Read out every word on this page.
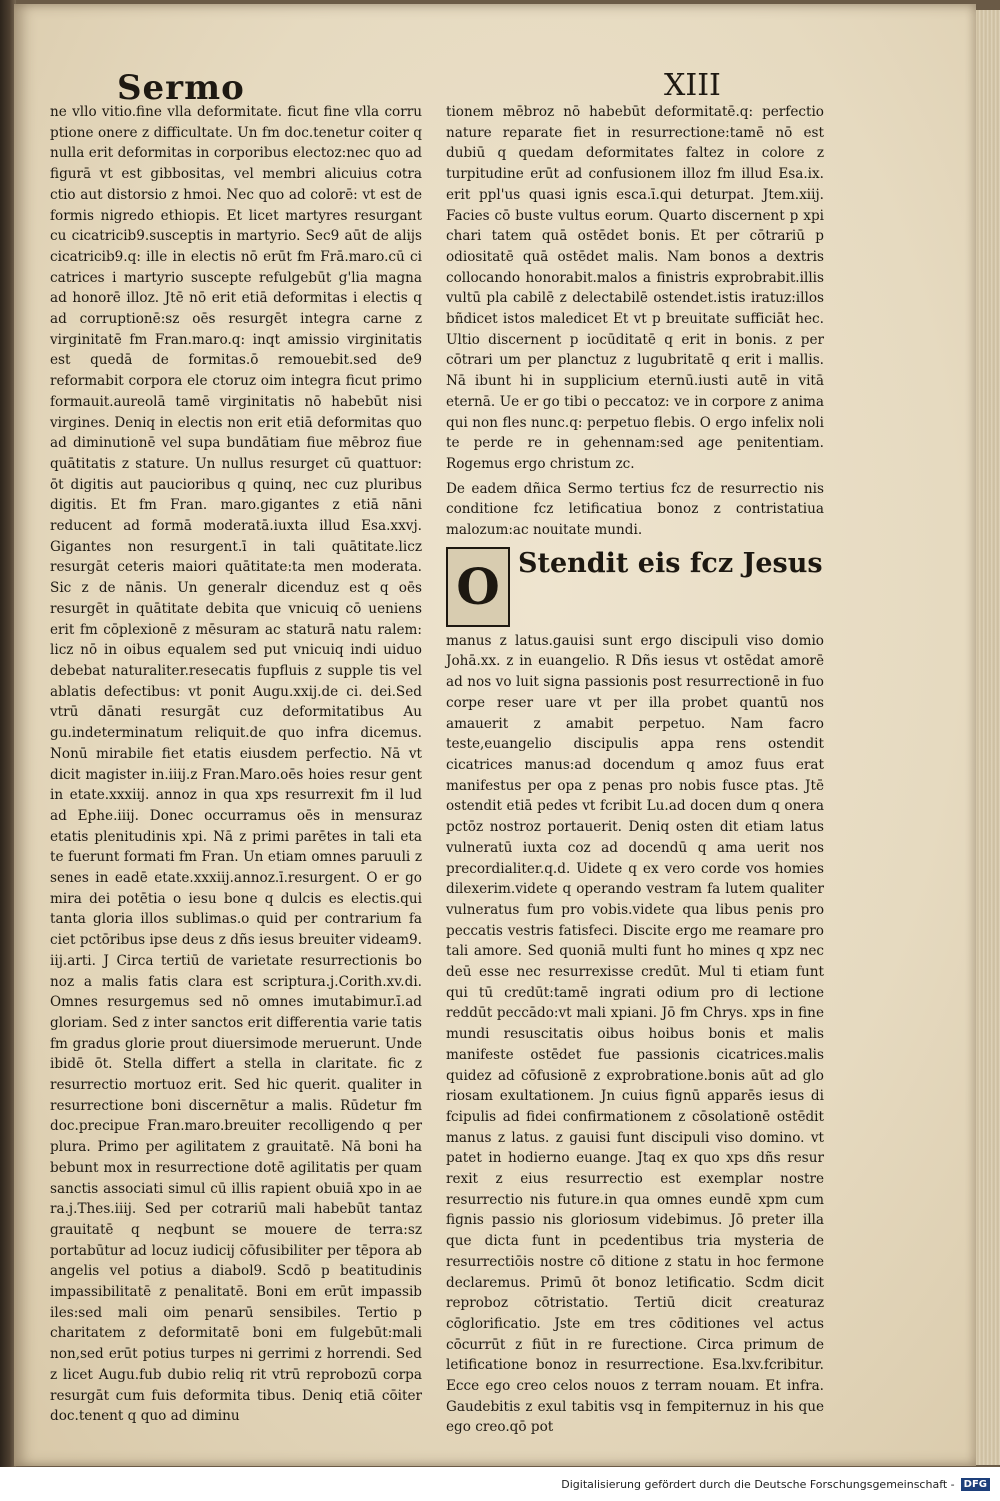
Sermo	XIII

ne vllo vitio.fine vlla deformitate. ficut fine vlla corru ptione onere z difficultate. Un fm doc.tenetur coiter q nulla erit deformitas in corporibus electoz:nec quo ad figurā vt est gibbositas, vel membri alicuius cotra ctio aut distorsio z hmoi. Nec quo ad colorē: vt est de formis nigredo ethiopis. Et licet martyres resurgant cu cicatricib9.susceptis in martyrio. Sec9 aūt de alijs cicatricib9.q: ille in electis nō erūt fm Frā.maro.cū ci catrices i martyrio suscepte refulgebūt g'lia magna ad honorē illoz. Jtē nō erit etiā deformitas i electis q ad corruptionē:sz oēs resurgēt integra carne z virginitatē fm Fran.maro.q: inqt amissio virginitatis est quedā de formitas.ō remouebit.sed de9 reformabit corpora ele ctoruz oim integra ficut primo formauit.aureolā tamē virginitatis nō habebūt nisi virgines. Deniq in electis non erit etiā deformitas quo ad diminutionē vel supa bundātiam fiue mēbroz fiue quātitatis z stature. Un nullus resurget cū quattuor: ōt digitis aut paucioribus q quinq, nec cuz pluribus digitis. Et fm Fran. maro.gigantes z etiā nāni reducent ad formā moderatā.iuxta illud Esa.xxvj. Gigantes non resurgent.ī in tali quātitate.licz resurgāt ceteris maiori quātitate:ta men moderata. Sic z de nānis. Un generalr dicenduz est q oēs resurgēt in quātitate debita que vnicuiq cō ueniens erit fm cōplexionē z mēsuram ac staturā natu ralem: licz nō in oibus equalem sed put vnicuiq indi uiduo debebat naturaliter.resecatis fupfluis z supple tis vel ablatis defectibus: vt ponit Augu.xxij.de ci. dei.Sed vtrū dānati resurgāt cuz deformitatibus Au gu.indeterminatum reliquit.de quo infra dicemus. Nonū mirabile fiet etatis eiusdem perfectio. Nā vt dicit magister in.iiij.z Fran.Maro.oēs hoies resur gent in etate.xxxiij. annoz in qua xps resurrexit fm il lud ad Ephe.iiij. Donec occurramus oēs in mensuraz etatis plenitudinis xpi. Nā z primi parētes in tali eta te fuerunt formati fm Fran. Un etiam omnes paruuli z senes in eadē etate.xxxiij.annoz.ī.resurgent. O er go mira dei potētia o iesu bone q dulcis es electis.qui tanta gloria illos sublimas.o quid per contrarium fa ciet pctōribus ipse deus z dñs iesus breuiter videam9. iij.arti. J Circa tertiū de varietate resurrectionis bo noz a malis fatis clara est scriptura.j.Corith.xv.di. Omnes resurgemus sed nō omnes imutabimur.ī.ad gloriam. Sed z inter sanctos erit differentia varie tatis fm gradus glorie prout diuersimode meruerunt. Unde ibidē ōt. Stella differt a stella in claritate. fic z resurrectio mortuoz erit. Sed hic querit. qualiter in resurrectione boni discernētur a malis. Rūdetur fm doc.precipue Fran.maro.breuiter recolligendo q per plura. Primo per agilitatem z grauitatē. Nā boni ha bebunt mox in resurrectione dotē agilitatis per quam sanctis associati simul cū illis rapient obuiā xpo in ae ra.j.Thes.iiij. Sed per cotrariū mali habebūt tantaz grauitatē q neqbunt se mouere de terra:sz portabūtur ad locuz iudicij cōfusibiliter per tēpora ab angelis vel potius a diabol9. Scdō p beatitudinis impassibilitatē z penalitatē. Boni em erūt impassib iles:sed mali oim penarū sensibiles. Tertio p charitatem z deformitatē boni em fulgebūt:mali non,sed erūt potius turpes ni gerrimi z horrendi. Sed z licet Augu.fub dubio reliq rit vtrū reprobozū corpa resurgāt cum fuis deformita tibus. Deniq etiā cōiter doc.tenent q quo ad diminu

tionem mēbroz nō habebūt deformitatē.q: perfectio nature reparate fiet in resurrectione:tamē nō est dubiū q quedam deformitates faltez in colore z turpitudine erūt ad confusionem illoz fm illud Esa.ix. erit ppl'us quasi ignis esca.ī.qui deturpat. Jtem.xiij. Facies cō buste vultus eorum. Quarto discernent p xpi chari tatem quā ostēdet bonis. Et per cōtrariū p odiositatē quā ostēdet malis. Nam bonos a dextris collocando honorabit.malos a finistris exprobrabit.illis vultū pla cabilē z delectabilē ostendet.istis iratuz:illos bñdicet istos maledicet Et vt p breuitate sufficiāt hec. Ultio discernent p iocūditatē q erit in bonis. z per cōtrari um per planctuz z lugubritatē q erit i mallis. Nā ibunt hi in supplicium eternū.iusti autē in vitā eternā. Ue er go tibi o peccatoz: ve in corpore z anima qui non fles nunc.q: perpetuo flebis. O ergo infelix noli te perde re in gehennam:sed age penitentiam. Rogemus ergo christum zc.

De eadem dñica Sermo tertius fcz de resurrectio nis conditione fcz letificatiua bonoz z contristatiua malozum:ac nouitate mundi.

O Stendit eis fcz Jesus

manus z latus.gauisi sunt ergo discipuli viso domio Johā.xx. z in euangelio. R Dñs iesus vt ostēdat amorē ad nos vo luit signa passionis post resurrectionē in fuo corpe reser uare vt per illa probet quantū nos amauerit z amabit perpetuo. Nam facro teste,euangelio discipulis appa rens ostendit cicatrices manus:ad docendum q amoz fuus erat manifestus per opa z penas pro nobis fusce ptas. Jtē ostendit etiā pedes vt fcribit Lu.ad docen dum q onera pctōz nostroz portauerit. Deniq osten dit etiam latus vulneratū iuxta coz ad docendū q ama uerit nos precordialiter.q.d. Uidete q ex vero corde vos homies dilexerim.videte q operando vestram fa lutem qualiter vulneratus fum pro vobis.videte qua libus penis pro peccatis vestris fatisfeci. Discite ergo me reamare pro tali amore. Sed quoniā multi funt ho mines q xpz nec deū esse nec resurrexisse credūt. Mul ti etiam funt qui tū credūt:tamē ingrati odium pro di lectione reddūt peccādo:vt mali xpiani. Jō fm Chrys. xps in fine mundi resuscitatis oibus hoibus bonis et malis manifeste ostēdet fue passionis cicatrices.malis quidez ad cōfusionē z exprobratione.bonis aūt ad glo riosam exultationem. Jn cuius fignū apparēs iesus di fcipulis ad fidei confirmationem z cōsolationē ostēdit manus z latus. z gauisi funt discipuli viso domino. vt patet in hodierno euange. Jtaq ex quo xps dñs resur rexit z eius resurrectio est exemplar nostre resurrectio nis future.in qua omnes eundē xpm cum fignis passio nis gloriosum videbimus. Jō preter illa que dicta funt in pcedentibus tria mysteria de resurrectiōis nostre cō ditione z statu in hoc fermone declaremus. Primū ōt bonoz letificatio. Scdm dicit reproboz cōtristatio. Tertiū dicit creaturaz cōglorificatio. Jste em tres cōditiones vel actus cōcurrūt z fiūt in re furectione. Circa primum de letificatione bonoz in resurrectione. Esa.lxv.fcribitur. Ecce ego creo celos nouos z terram nouam. Et infra. Gaudebitis z exul tabitis vsq in fempiternuz in his que ego creo.qō pot

Digitalisierung gefördert durch die Deutsche Forschungsgemeinschaft - DFG
